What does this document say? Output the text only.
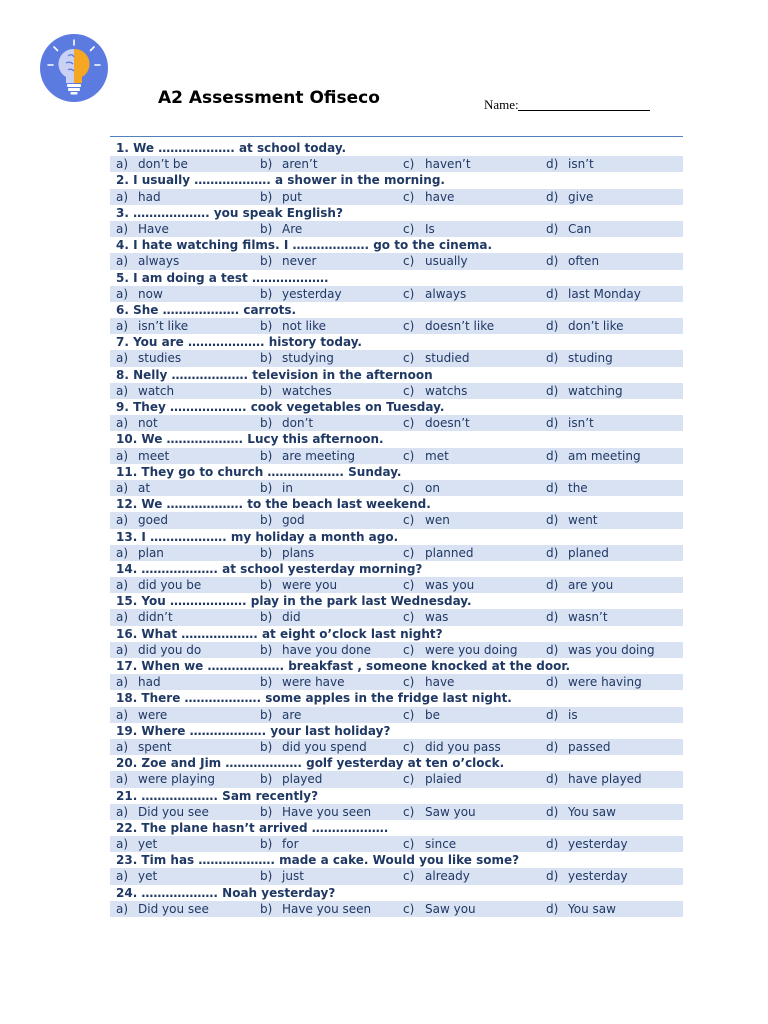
A2 Assessment Ofiseco	Name:
1. We ………………. at school today.
a) don’t be	b) aren’t	c) haven’t	d) isn’t
2. I usually ………………. a shower in the morning.
a) had	b) put	c) have	d) give
3. ………………. you speak English?
a) Have	b) Are	c) Is	d) Can
4. I hate watching films. I ………………. go to the cinema.
a) always	b) never	c) usually	d) often
5. I am doing a test ……………….
a) now	b) yesterday	c) always	d) last Monday
6. She ………………. carrots.
a) isn’t like	b) not like	c) doesn’t like	d) don’t like
7. You are ………………. history today.
a) studies	b) studying	c) studied	d) studing
8. Nelly ………………. television in the afternoon
a) watch	b) watches	c) watchs	d) watching
9. They ………………. cook vegetables on Tuesday.
a) not	b) don’t	c) doesn’t	d) isn’t
10. We ………………. Lucy this afternoon.
a) meet	b) are meeting	c) met	d) am meeting
11. They go to church ………………. Sunday.
a) at	b) in	c) on	d) the
12. We ………………. to the beach last weekend.
a) goed	b) god	c) wen	d) went
13. I ………………. my holiday a month ago.
a) plan	b) plans	c) planned	d) planed
14. ………………. at school yesterday morning?
a) did you be	b) were you	c) was you	d) are you
15. You ………………. play in the park last Wednesday.
a) didn’t	b) did	c) was	d) wasn’t
16. What ………………. at eight o’clock last night?
a) did you do	b) have you done	c) were you doing d) was you doing
17. When we ………………. breakfast , someone knocked at the door.
a) had	b) were have	c) have	d) were having
18. There ………………. some apples in the fridge last night.
a) were	b) are	c) be	d) is
19. Where ………………. your last holiday?
a) spent	b) did you spend	c) did you pass	d) passed
20. Zoe and Jim ………………. golf yesterday at ten o’clock.
a) were playing	b) played	c) plaied	d) have played
21. ………………. Sam recently?
a) Did you see	b) Have you seen	c) Saw you	d) You saw
22. The plane hasn’t arrived ……………….
a) yet	b) for	c) since	d) yesterday
23. Tim has ………………. made a cake. Would you like some?
a) yet	b) just	c) already	d) yesterday
24. ………………. Noah yesterday?
a) Did you see	b) Have you seen	c) Saw you	d) You saw
